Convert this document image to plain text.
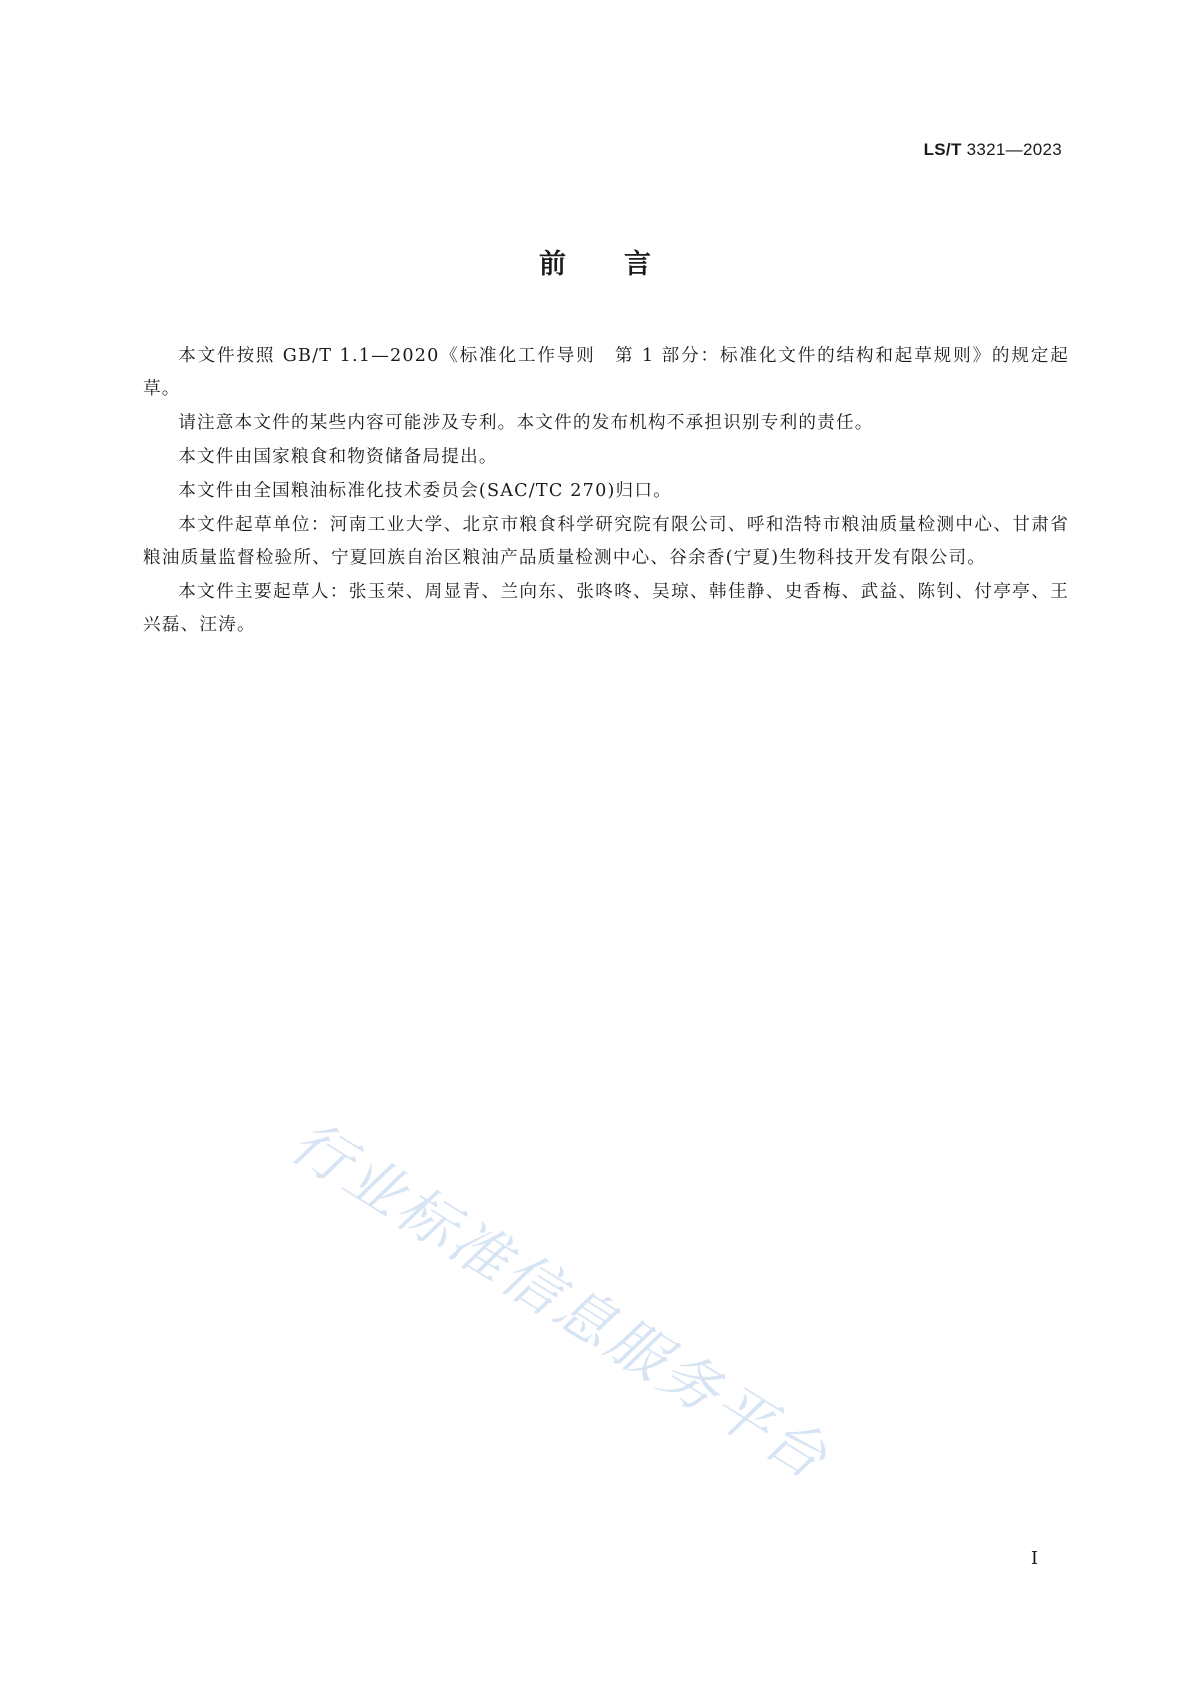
LS/T 3321—2023
前言

本文件按照 GB/T 1.1—2020《标准化工作导则　第 1 部分：标准化文件的结构和起草规则》的规定起草。

请注意本文件的某些内容可能涉及专利。本文件的发布机构不承担识别专利的责任。

本文件由国家粮食和物资储备局提出。

本文件由全国粮油标准化技术委员会(SAC/TC 270)归口。

本文件起草单位：河南工业大学、北京市粮食科学研究院有限公司、呼和浩特市粮油质量检测中心、甘肃省粮油质量监督检验所、宁夏回族自治区粮油产品质量检测中心、谷余香(宁夏)生物科技开发有限公司。

本文件主要起草人：张玉荣、周显青、兰向东、张咚咚、吴琼、韩佳静、史香梅、武益、陈钊、付亭亭、王兴磊、汪涛。

行业标准信息服务平台
I
